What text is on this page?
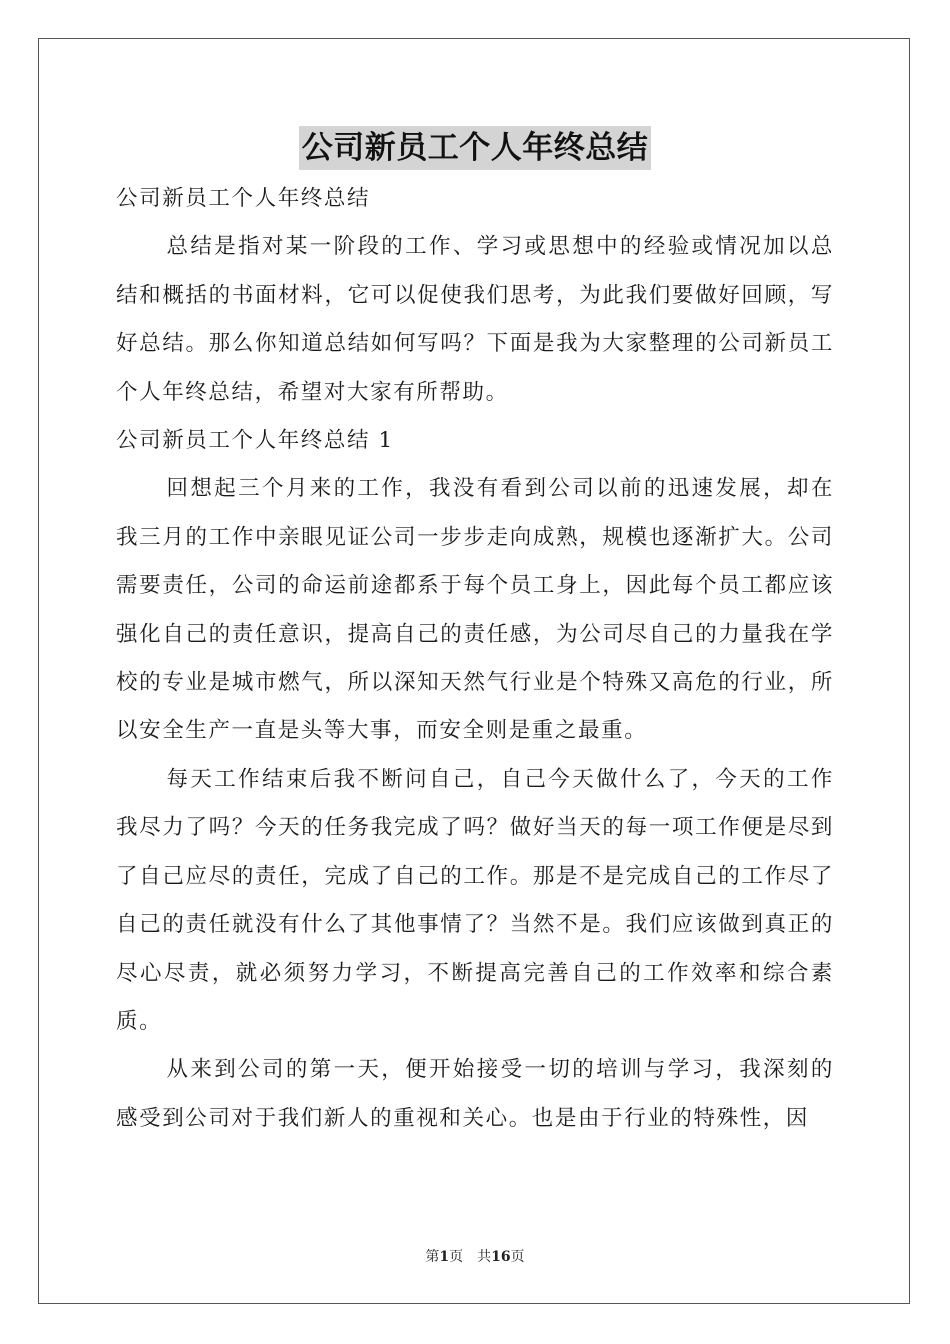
公司新员工个人年终总结

公司新员工个人年终总结

总结是指对某一阶段的工作、学习或思想中的经验或情况加以总结和概括的书面材料，它可以促使我们思考，为此我们要做好回顾，写好总结。那么你知道总结如何写吗？下面是我为大家整理的公司新员工个人年终总结，希望对大家有所帮助。

公司新员工个人年终总结 1

回想起三个月来的工作，我没有看到公司以前的迅速发展，却在我三月的工作中亲眼见证公司一步步走向成熟，规模也逐渐扩大。公司需要责任，公司的命运前途都系于每个员工身上，因此每个员工都应该强化自己的责任意识，提高自己的责任感，为公司尽自己的力量我在学校的专业是城市燃气，所以深知天然气行业是个特殊又高危的行业，所以安全生产一直是头等大事，而安全则是重之最重。

每天工作结束后我不断问自己，自己今天做什么了，今天的工作我尽力了吗？今天的任务我完成了吗？做好当天的每一项工作便是尽到了自己应尽的责任，完成了自己的工作。那是不是完成自己的工作尽了自己的责任就没有什么了其他事情了？当然不是。我们应该做到真正的尽心尽责，就必须努力学习，不断提高完善自己的工作效率和综合素质。

从来到公司的第一天，便开始接受一切的培训与学习，我深刻的感受到公司对于我们新人的重视和关心。也是由于行业的特殊性，因

第1页 共16页
